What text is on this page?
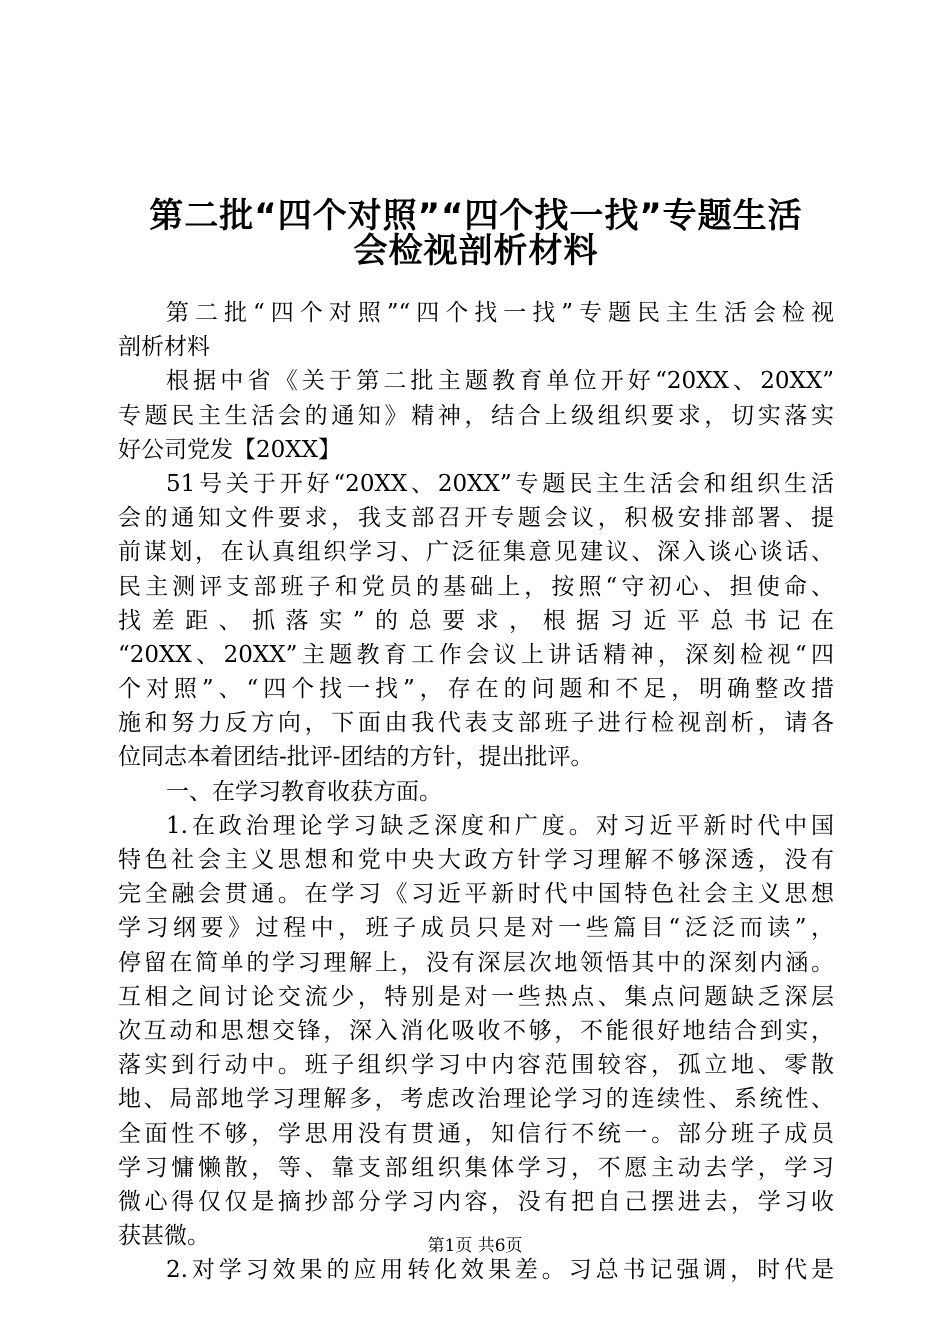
第二批“四个对照”“四个找一找”专题生活
会检视剖析材料
第二批“四个对照”“四个找一找”专题民主生活会检视
剖析材料
根据中省《关于第二批主题教育单位开好“20XX、20XX”
专题民主生活会的通知》精神，结合上级组织要求，切实落实
好公司党发【20XX】
51号关于开好“20XX、20XX”专题民主生活会和组织生活
会的通知文件要求，我支部召开专题会议，积极安排部署、提
前谋划，在认真组织学习、广泛征集意见建议、深入谈心谈话、
民主测评支部班子和党员的基础上，按照“守初心、担使命、
找差距、抓落实”的总要求，根据习近平总书记在
“20XX、20XX”主题教育工作会议上讲话精神，深刻检视“四
个对照”、“四个找一找”，存在的问题和不足，明确整改措
施和努力反方向，下面由我代表支部班子进行检视剖析，请各
位同志本着团结-批评-团结的方针，提出批评。
一、在学习教育收获方面。
1.在政治理论学习缺乏深度和广度。对习近平新时代中国
特色社会主义思想和党中央大政方针学习理解不够深透，没有
完全融会贯通。在学习《习近平新时代中国特色社会主义思想
学习纲要》过程中，班子成员只是对一些篇目“泛泛而读”，
停留在简单的学习理解上，没有深层次地领悟其中的深刻内涵。
互相之间讨论交流少，特别是对一些热点、集点问题缺乏深层
次互动和思想交锋，深入消化吸收不够，不能很好地结合到实，
落实到行动中。班子组织学习中内容范围较容，孤立地、零散
地、局部地学习理解多，考虑改治理论学习的连续性、系统性、
全面性不够，学思用没有贯通，知信行不统一。部分班子成员
学习慵懒散，等、靠支部组织集体学习，不愿主动去学，学习
微心得仅仅是摘抄部分学习内容，没有把自己摆进去，学习收
获甚微。
2.对学习效果的应用转化效果差。习总书记强调，时代是
第1页 共6页
